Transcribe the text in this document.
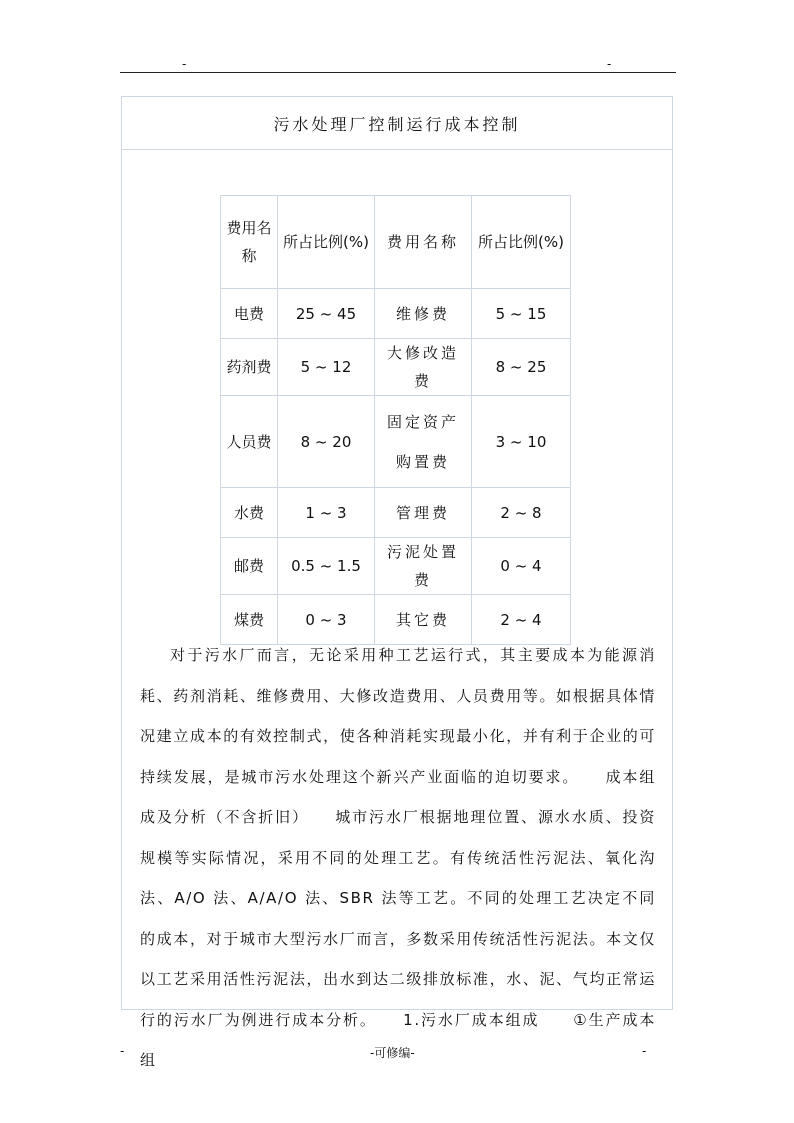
-	-
污水处理厂控制运行成本控制
费用名称	所占比例(%)	费用名称	所占比例(%)
电费	25 ~ 45	维修费	5 ~ 15
药剂费	5 ~ 12	大修改造费	8 ~ 25
人员费	8 ~ 20	固定资产购置费	3 ~ 10
水费	1 ~ 3	管理费	2 ~ 8
邮费	0.5 ~ 1.5	污泥处置费	0 ~ 4
煤费	0 ~ 3	其它费	2 ~ 4

对于污水厂而言，无论采用种工艺运行式，其主要成本为能源消耗、药剂消耗、维修费用、大修改造费用、人员费用等。如根据具体情况建立成本的有效控制式，使各种消耗实现最小化，并有利于企业的可持续发展，是城市污水处理这个新兴产业面临的迫切要求。　　成本组成及分析（不含折旧）　　城市污水厂根据地理位置、源水水质、投资规模等实际情况，采用不同的处理工艺。有传统活性污泥法、氧化沟法、A/O 法、A/A/O 法、SBR 法等工艺。不同的处理工艺决定不同的成本，对于城市大型污水厂而言，多数采用传统活性污泥法。本文仅以工艺采用活性污泥法，出水到达二级排放标准，水、泥、气均正常运行的污水厂为例进行成本分析。　　1.污水厂成本组成　　①生产成本组

-	-可修编-	-
